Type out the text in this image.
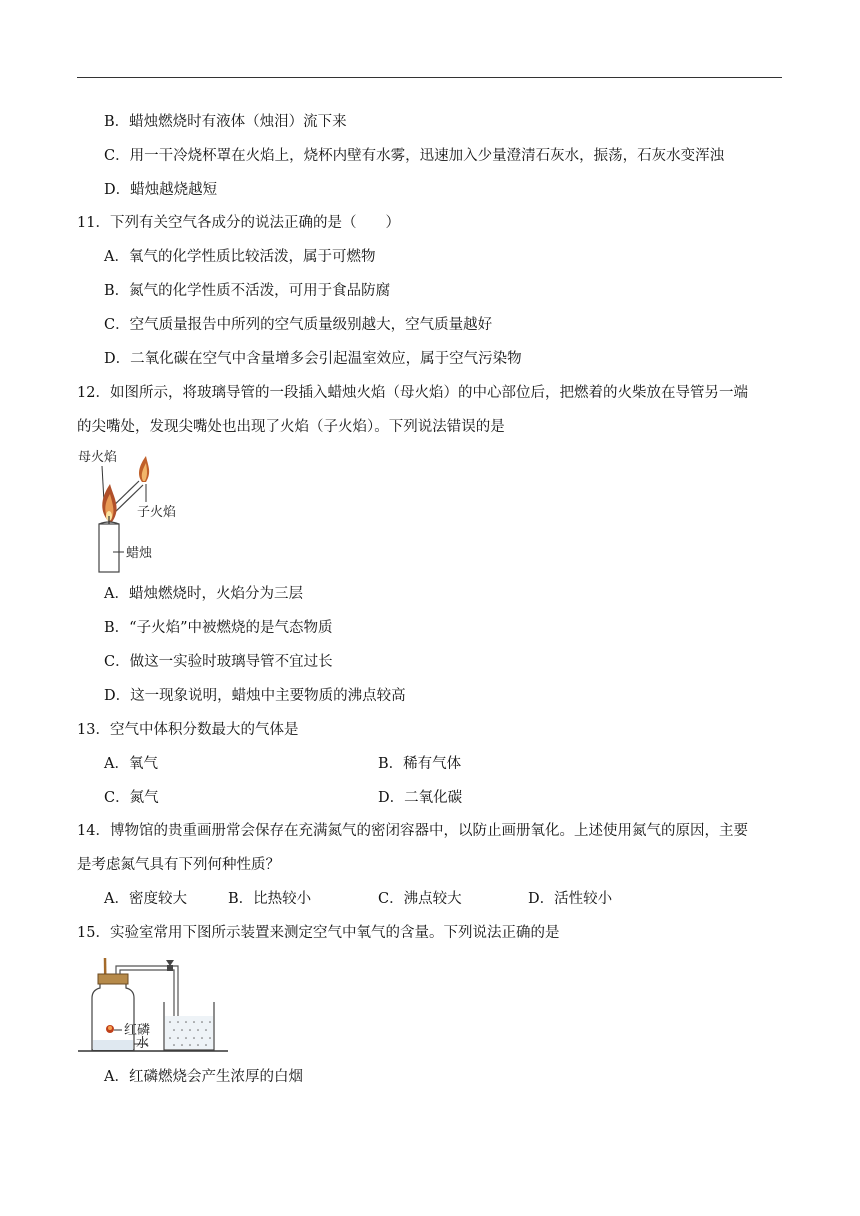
B．蜡烛燃烧时有液体（烛泪）流下来
C．用一干冷烧杯罩在火焰上，烧杯内壁有水雾，迅速加入少量澄清石灰水，振荡，石灰水变浑浊
D．蜡烛越烧越短
11．下列有关空气各成分的说法正确的是（　　）
A．氧气的化学性质比较活泼，属于可燃物
B．氮气的化学性质不活泼，可用于食品防腐
C．空气质量报告中所列的空气质量级别越大，空气质量越好
D．二氧化碳在空气中含量增多会引起温室效应，属于空气污染物
12．如图所示，将玻璃导管的一段插入蜡烛火焰（母火焰）的中心部位后，把燃着的火柴放在导管另一端
的尖嘴处，发现尖嘴处也出现了火焰（子火焰）。下列说法错误的是
母火焰
子火焰
蜡烛
A．蜡烛燃烧时，火焰分为三层
B．“子火焰”中被燃烧的是气态物质
C．做这一实验时玻璃导管不宜过长
D．这一现象说明，蜡烛中主要物质的沸点较高
13．空气中体积分数最大的气体是
A．氧气	B．稀有气体
C．氮气	D．二氧化碳
14．博物馆的贵重画册常会保存在充满氮气的密闭容器中，以防止画册氧化。上述使用氮气的原因，主要
是考虑氮气具有下列何种性质？
A．密度较大	B．比热较小	C．沸点较大	D．活性较小
15．实验室常用下图所示装置来测定空气中氧气的含量。下列说法正确的是
红磷
水
A．红磷燃烧会产生浓厚的白烟
